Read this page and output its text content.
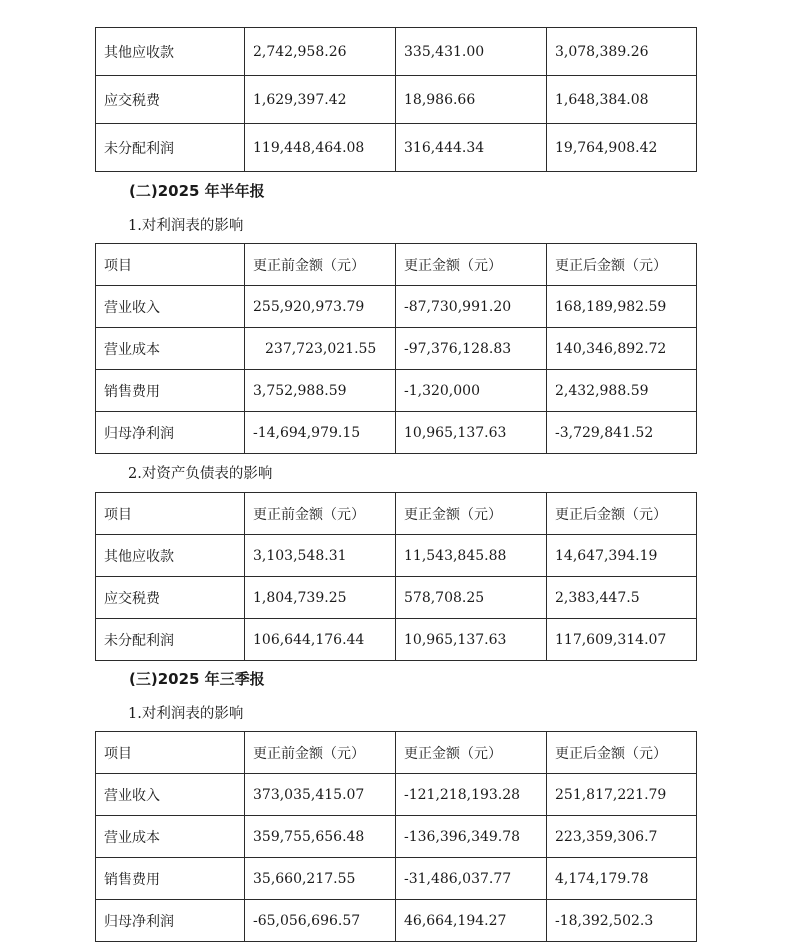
其他应收款	2,742,958.26	335,431.00	3,078,389.26
应交税费	1,629,397.42	18,986.66	1,648,384.08
未分配利润	119,448,464.08	316,444.34	19,764,908.42
(二)2025 年半年报
1.对利润表的影响
项目	更正前金额（元）	更正金额（元）	更正后金额（元）
营业收入	255,920,973.79	-87,730,991.20	168,189,982.59
营业成本	237,723,021.55	-97,376,128.83	140,346,892.72
销售费用	3,752,988.59	-1,320,000	2,432,988.59
归母净利润	-14,694,979.15	10,965,137.63	-3,729,841.52
2.对资产负债表的影响
项目	更正前金额（元）	更正金额（元）	更正后金额（元）
其他应收款	3,103,548.31	11,543,845.88	14,647,394.19
应交税费	1,804,739.25	578,708.25	2,383,447.5
未分配利润	106,644,176.44	10,965,137.63	117,609,314.07
(三)2025 年三季报
1.对利润表的影响
项目	更正前金额（元）	更正金额（元）	更正后金额（元）
营业收入	373,035,415.07	-121,218,193.28	251,817,221.79
营业成本	359,755,656.48	-136,396,349.78	223,359,306.7
销售费用	35,660,217.55	-31,486,037.77	4,174,179.78
归母净利润	-65,056,696.57	46,664,194.27	-18,392,502.3
